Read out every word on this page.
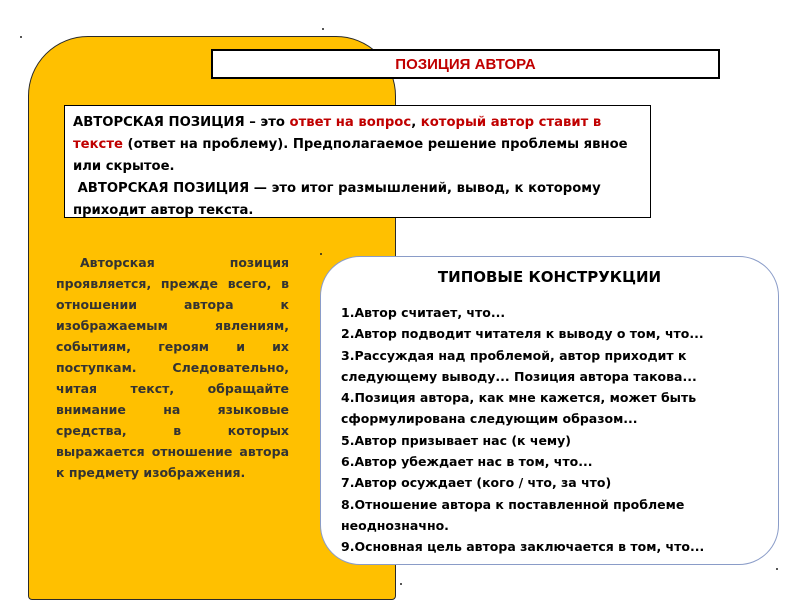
ПОЗИЦИЯ АВТОРА

АВТОРСКАЯ ПОЗИЦИЯ – это ответ на вопрос, который автор ставит в тексте (ответ на проблему). Предполагаемое решение проблемы явное или скрытое.

АВТОРСКАЯ ПОЗИЦИЯ — это итог размышлений, вывод, к которому приходит автор текста.

Авторская позиция проявляется, прежде всего, в отношении автора к изображаемым явлениям, событиям, героям и их поступкам. Следовательно, читая текст, обращайте внимание на языковые средства, в которых выражается отношение автора к предмету изображения.
ТИПОВЫЕ КОНСТРУКЦИИ
1.Автор считает, что...
2.Автор подводит читателя к выводу о том, что...
3.Рассуждая над проблемой, автор приходит к следующему выводу... Позиция автора такова...
4.Позиция автора, как мне кажется, может быть сформулирована следующим образом...
5.Автор призывает нас (к чему)
6.Автор убеждает нас в том, что...
7.Автор осуждает (кого / что, за что)
8.Отношение автора к поставленной проблеме неоднозначно.
9.Основная цель автора заключается в том, что...
